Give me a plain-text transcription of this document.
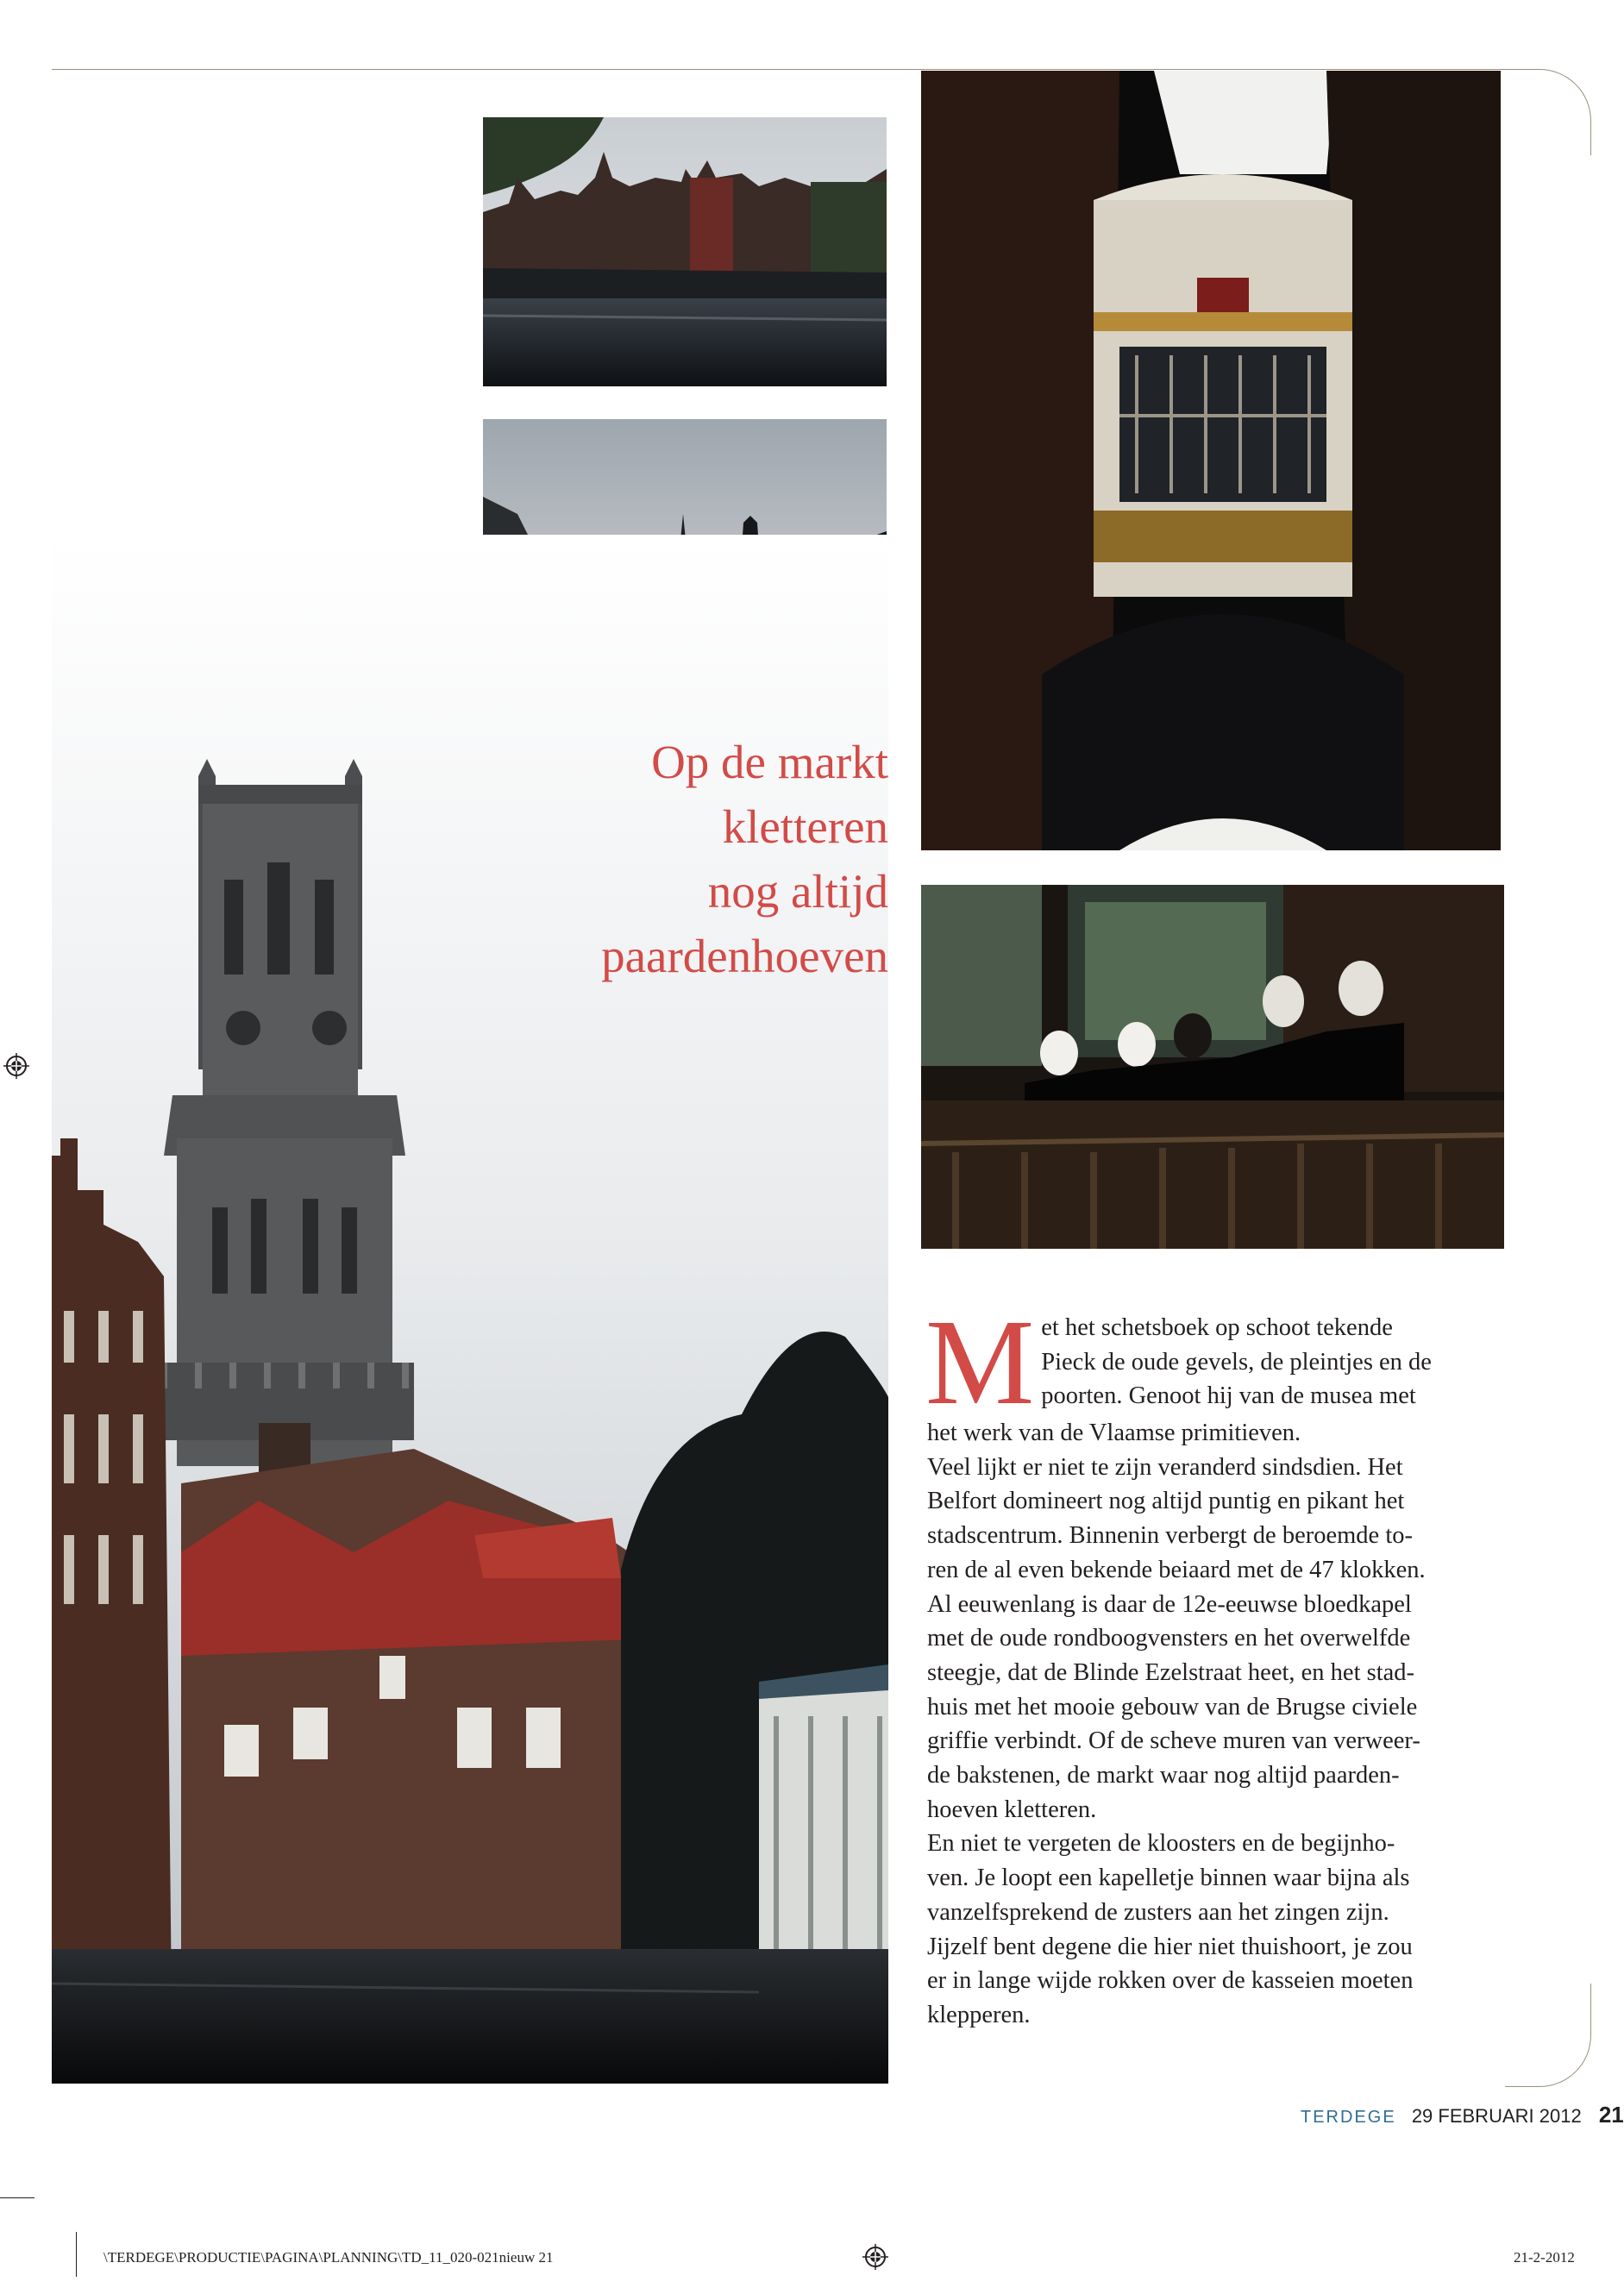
Op de markt
kletteren
nog altijd
paardenhoeven

M et het schetsboek op schoot tekende
Pieck de oude gevels, de pleintjes en de
poorten. Genoot hij van de musea met
het werk van de Vlaamse primitieven.

Veel lijkt er niet te zijn veranderd sindsdien. Het
Belfort domineert nog altijd puntig en pikant het
stadscentrum. Binnenin verbergt de beroemde to-
ren de al even bekende beiaard met de 47 klokken.
Al eeuwenlang is daar de 12e-eeuwse bloedkapel
met de oude rondboogvensters en het overwelfde
steegje, dat de Blinde Ezelstraat heet, en het stad-
huis met het mooie gebouw van de Brugse civiele
griffie verbindt. Of de scheve muren van verweer-
de bakstenen, de markt waar nog altijd paarden-
hoeven kletteren.

En niet te vergeten de kloosters en de begijnho-
ven. Je loopt een kapelletje binnen waar bijna als
vanzelfsprekend de zusters aan het zingen zijn.
Jijzelf bent degene die hier niet thuishoort, je zou
er in lange wijde rokken over de kasseien moeten
klepperen.

TERDEGE 29 FEBRUARI 2012 21
\TERDEGE\PRODUCTIE\PAGINA\PLANNING\TD_11_020-021nieuw 21	21-2-2012
